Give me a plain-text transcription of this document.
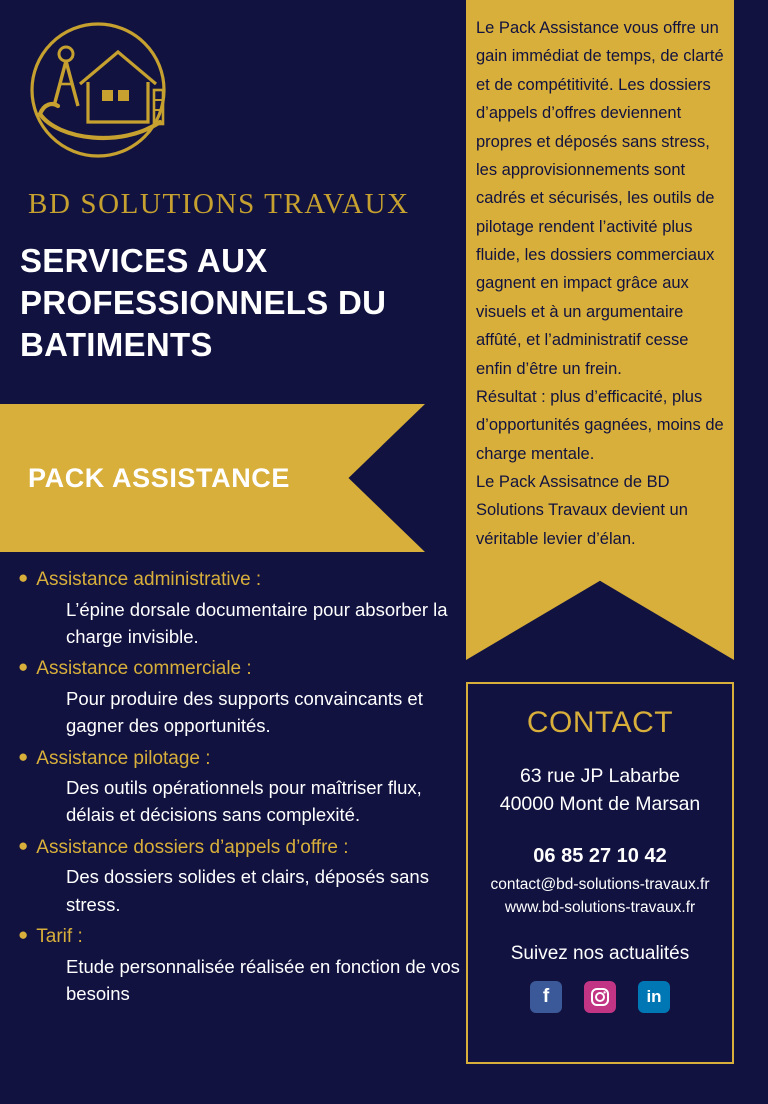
BD SOLUTIONS TRAVAUX
SERVICES AUX PROFESSIONNELS DU BATIMENTS
PACK ASSISTANCE
● Assistance administrative :
L’épine dorsale documentaire pour absorber la charge invisible.
● Assistance commerciale :
Pour produire des supports convaincants et gagner des opportunités.
● Assistance pilotage :
Des outils opérationnels pour maîtriser flux, délais et décisions sans complexité.
● Assistance dossiers d’appels d’offre :
Des dossiers solides et clairs, déposés sans stress.
● Tarif :
Etude personnalisée réalisée en fonction de vos besoins

Le Pack Assistance vous offre un gain immédiat de temps, de clarté et de compétitivité. Les dossiers d’appels d’offres deviennent propres et déposés sans stress, les approvisionnements sont cadrés et sécurisés, les outils de pilotage rendent l’activité plus fluide, les dossiers commerciaux gagnent en impact grâce aux visuels et à un argumentaire affûté, et l’administratif cesse enfin d’être un frein.

Résultat : plus d’efficacité, plus d’opportunités gagnées, moins de charge mentale.

Le Pack Assisatnce de BD Solutions Travaux devient un véritable levier d’élan.

CONTACT
63 rue JP Labarbe
40000 Mont de Marsan
06 85 27 10 42
contact@bd-solutions-travaux.fr
www.bd-solutions-travaux.fr
Suivez nos actualités
f	in
